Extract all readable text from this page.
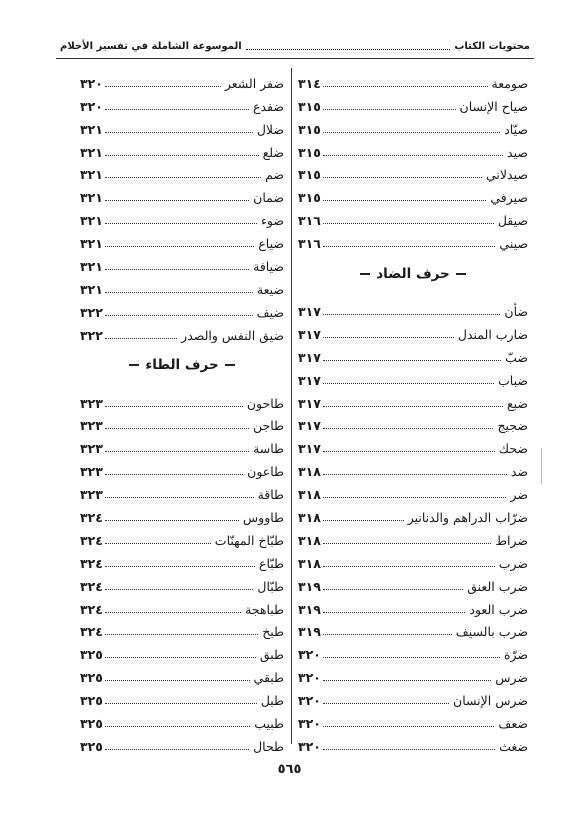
محتويات الكتاب
الموسوعة الشاملة في تفسير الأحلام
صومعة
٣١٤
صياح الإنسان
٣١٥
صيّاد
٣١٥
صيد
٣١٥
صيدلاني
٣١٥
صيرفي
٣١٥
صيقل
٣١٦
صيني
٣١٦
حرف الضاد
ضأن
٣١٧
ضارب المندل
٣١٧
ضبّ
٣١٧
ضباب
٣١٧
ضبع
٣١٧
ضجيج
٣١٧
ضحك
٣١٧
ضد
٣١٨
ضر
٣١٨
ضرّاب الدراهم والدنانير
٣١٨
ضراط
٣١٨
ضرب
٣١٨
ضرب العنق
٣١٩
ضرب العود
٣١٩
ضرب بالسيف
٣١٩
ضرّة
٣٢٠
ضرس
٣٢٠
ضرس الإنسان
٣٢٠
ضعف
٣٢٠
ضغث
٣٢٠
ضفر الشعر
٣٢٠
ضفدع
٣٢٠
ضلال
٣٢١
ضلع
٣٢١
ضم
٣٢١
ضمان
٣٢١
ضوء
٣٢١
ضياع
٣٢١
ضيافة
٣٢١
ضيعة
٣٢١
ضيف
٣٢٢
ضيق النفس والصدر
٣٢٢
حرف الطاء
طاحون
٣٢٣
طاجن
٣٢٣
طاسة
٣٢٣
طاعون
٣٢٣
طاقة
٣٢٣
طاووس
٣٢٤
طبّاخ المهنّات
٣٢٤
طبّاع
٣٢٤
طبّال
٣٢٤
طباهجة
٣٢٤
طبخ
٣٢٤
طبق
٣٢٥
طبقي
٣٢٥
طبل
٣٢٥
طبيب
٣٢٥
طحال
٣٢٥
٥٦٥
